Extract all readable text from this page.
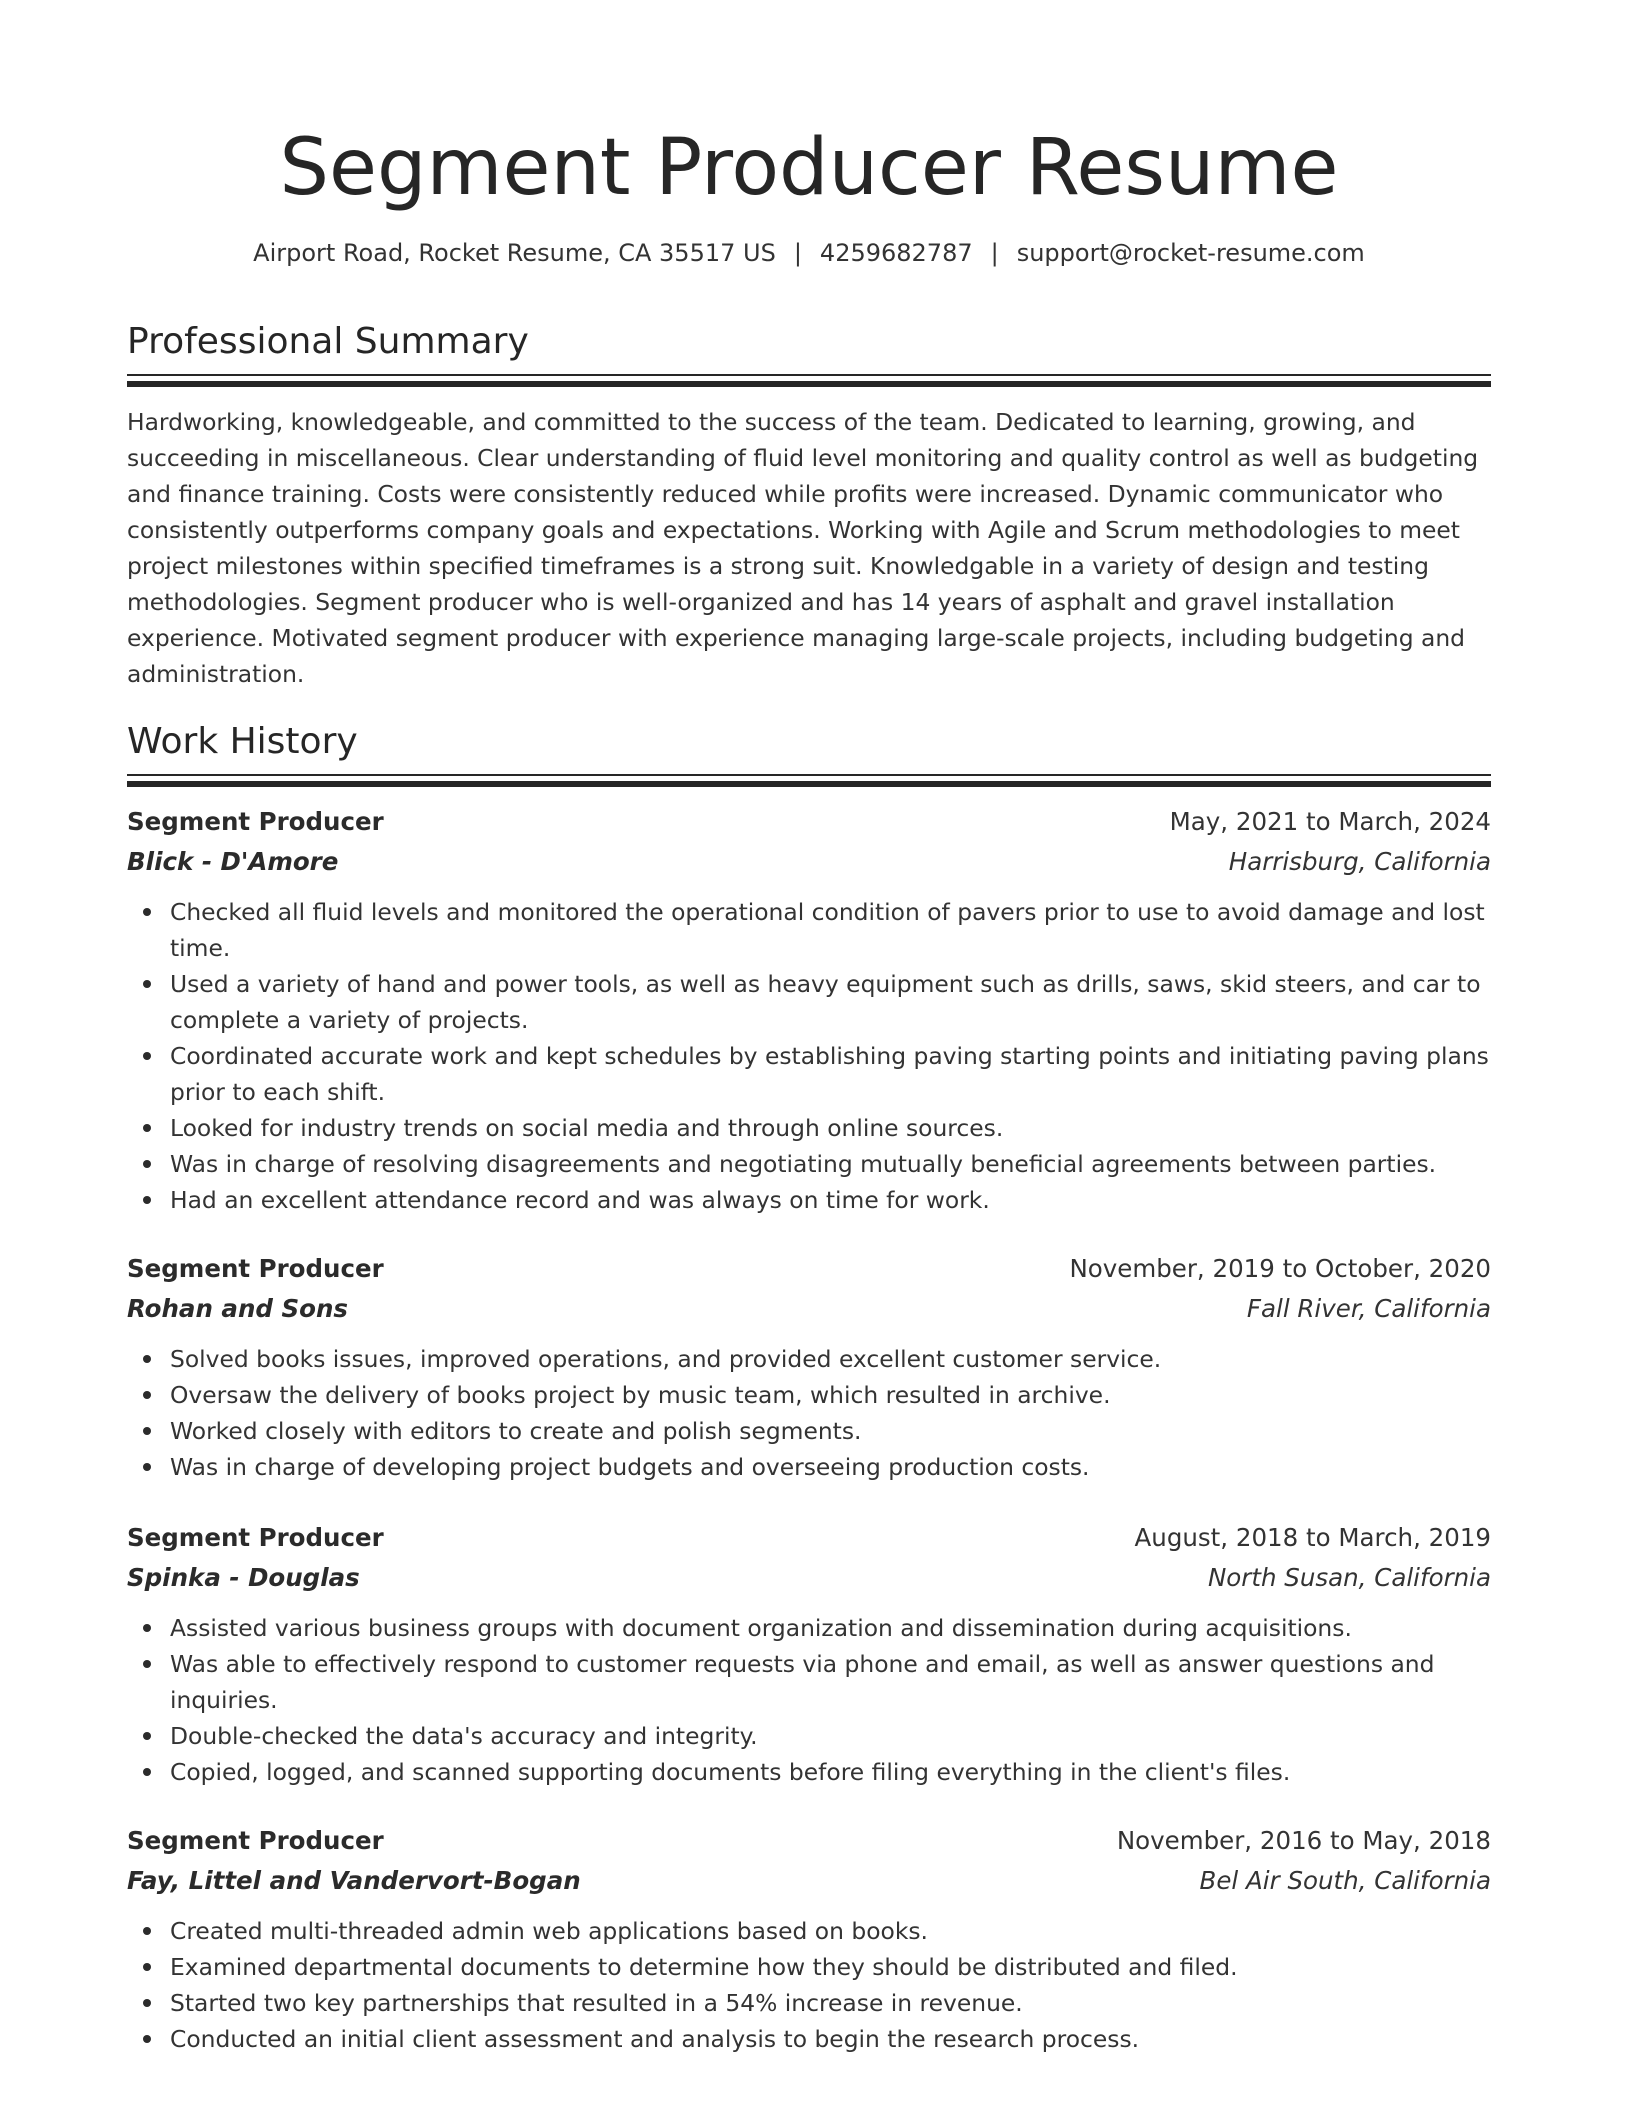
Segment Producer Resume
Airport Road, Rocket Resume, CA 35517 US | 4259682787 | support@rocket-resume.com
Professional Summary

Hardworking, knowledgeable, and committed to the success of the team. Dedicated to learning, growing, and succeeding in miscellaneous. Clear understanding of fluid level monitoring and quality control as well as budgeting and finance training. Costs were consistently reduced while profits were increased. Dynamic communicator who consistently outperforms company goals and expectations. Working with Agile and Scrum methodologies to meet project milestones within specified timeframes is a strong suit. Knowledgable in a variety of design and testing methodologies. Segment producer who is well-organized and has 14 years of asphalt and gravel installation experience. Motivated segment producer with experience managing large-scale projects, including budgeting and administration.

Work History
Segment Producer	May, 2021 to March, 2024
Blick - D'Amore	Harrisburg, California
Checked all fluid levels and monitored the operational condition of pavers prior to use to avoid damage and lost time.
Used a variety of hand and power tools, as well as heavy equipment such as drills, saws, skid steers, and car to complete a variety of projects.
Coordinated accurate work and kept schedules by establishing paving starting points and initiating paving plans prior to each shift.
Looked for industry trends on social media and through online sources.
Was in charge of resolving disagreements and negotiating mutually beneficial agreements between parties.
Had an excellent attendance record and was always on time for work.
Segment Producer	November, 2019 to October, 2020
Rohan and Sons	Fall River, California
Solved books issues, improved operations, and provided excellent customer service.
Oversaw the delivery of books project by music team, which resulted in archive.
Worked closely with editors to create and polish segments.
Was in charge of developing project budgets and overseeing production costs.
Segment Producer	August, 2018 to March, 2019
Spinka - Douglas	North Susan, California
Assisted various business groups with document organization and dissemination during acquisitions.
Was able to effectively respond to customer requests via phone and email, as well as answer questions and inquiries.
Double-checked the data's accuracy and integrity.
Copied, logged, and scanned supporting documents before filing everything in the client's files.
Segment Producer	November, 2016 to May, 2018
Fay, Littel and Vandervort-Bogan	Bel Air South, California
Created multi-threaded admin web applications based on books.
Examined departmental documents to determine how they should be distributed and filed.
Started two key partnerships that resulted in a 54% increase in revenue.
Conducted an initial client assessment and analysis to begin the research process.
